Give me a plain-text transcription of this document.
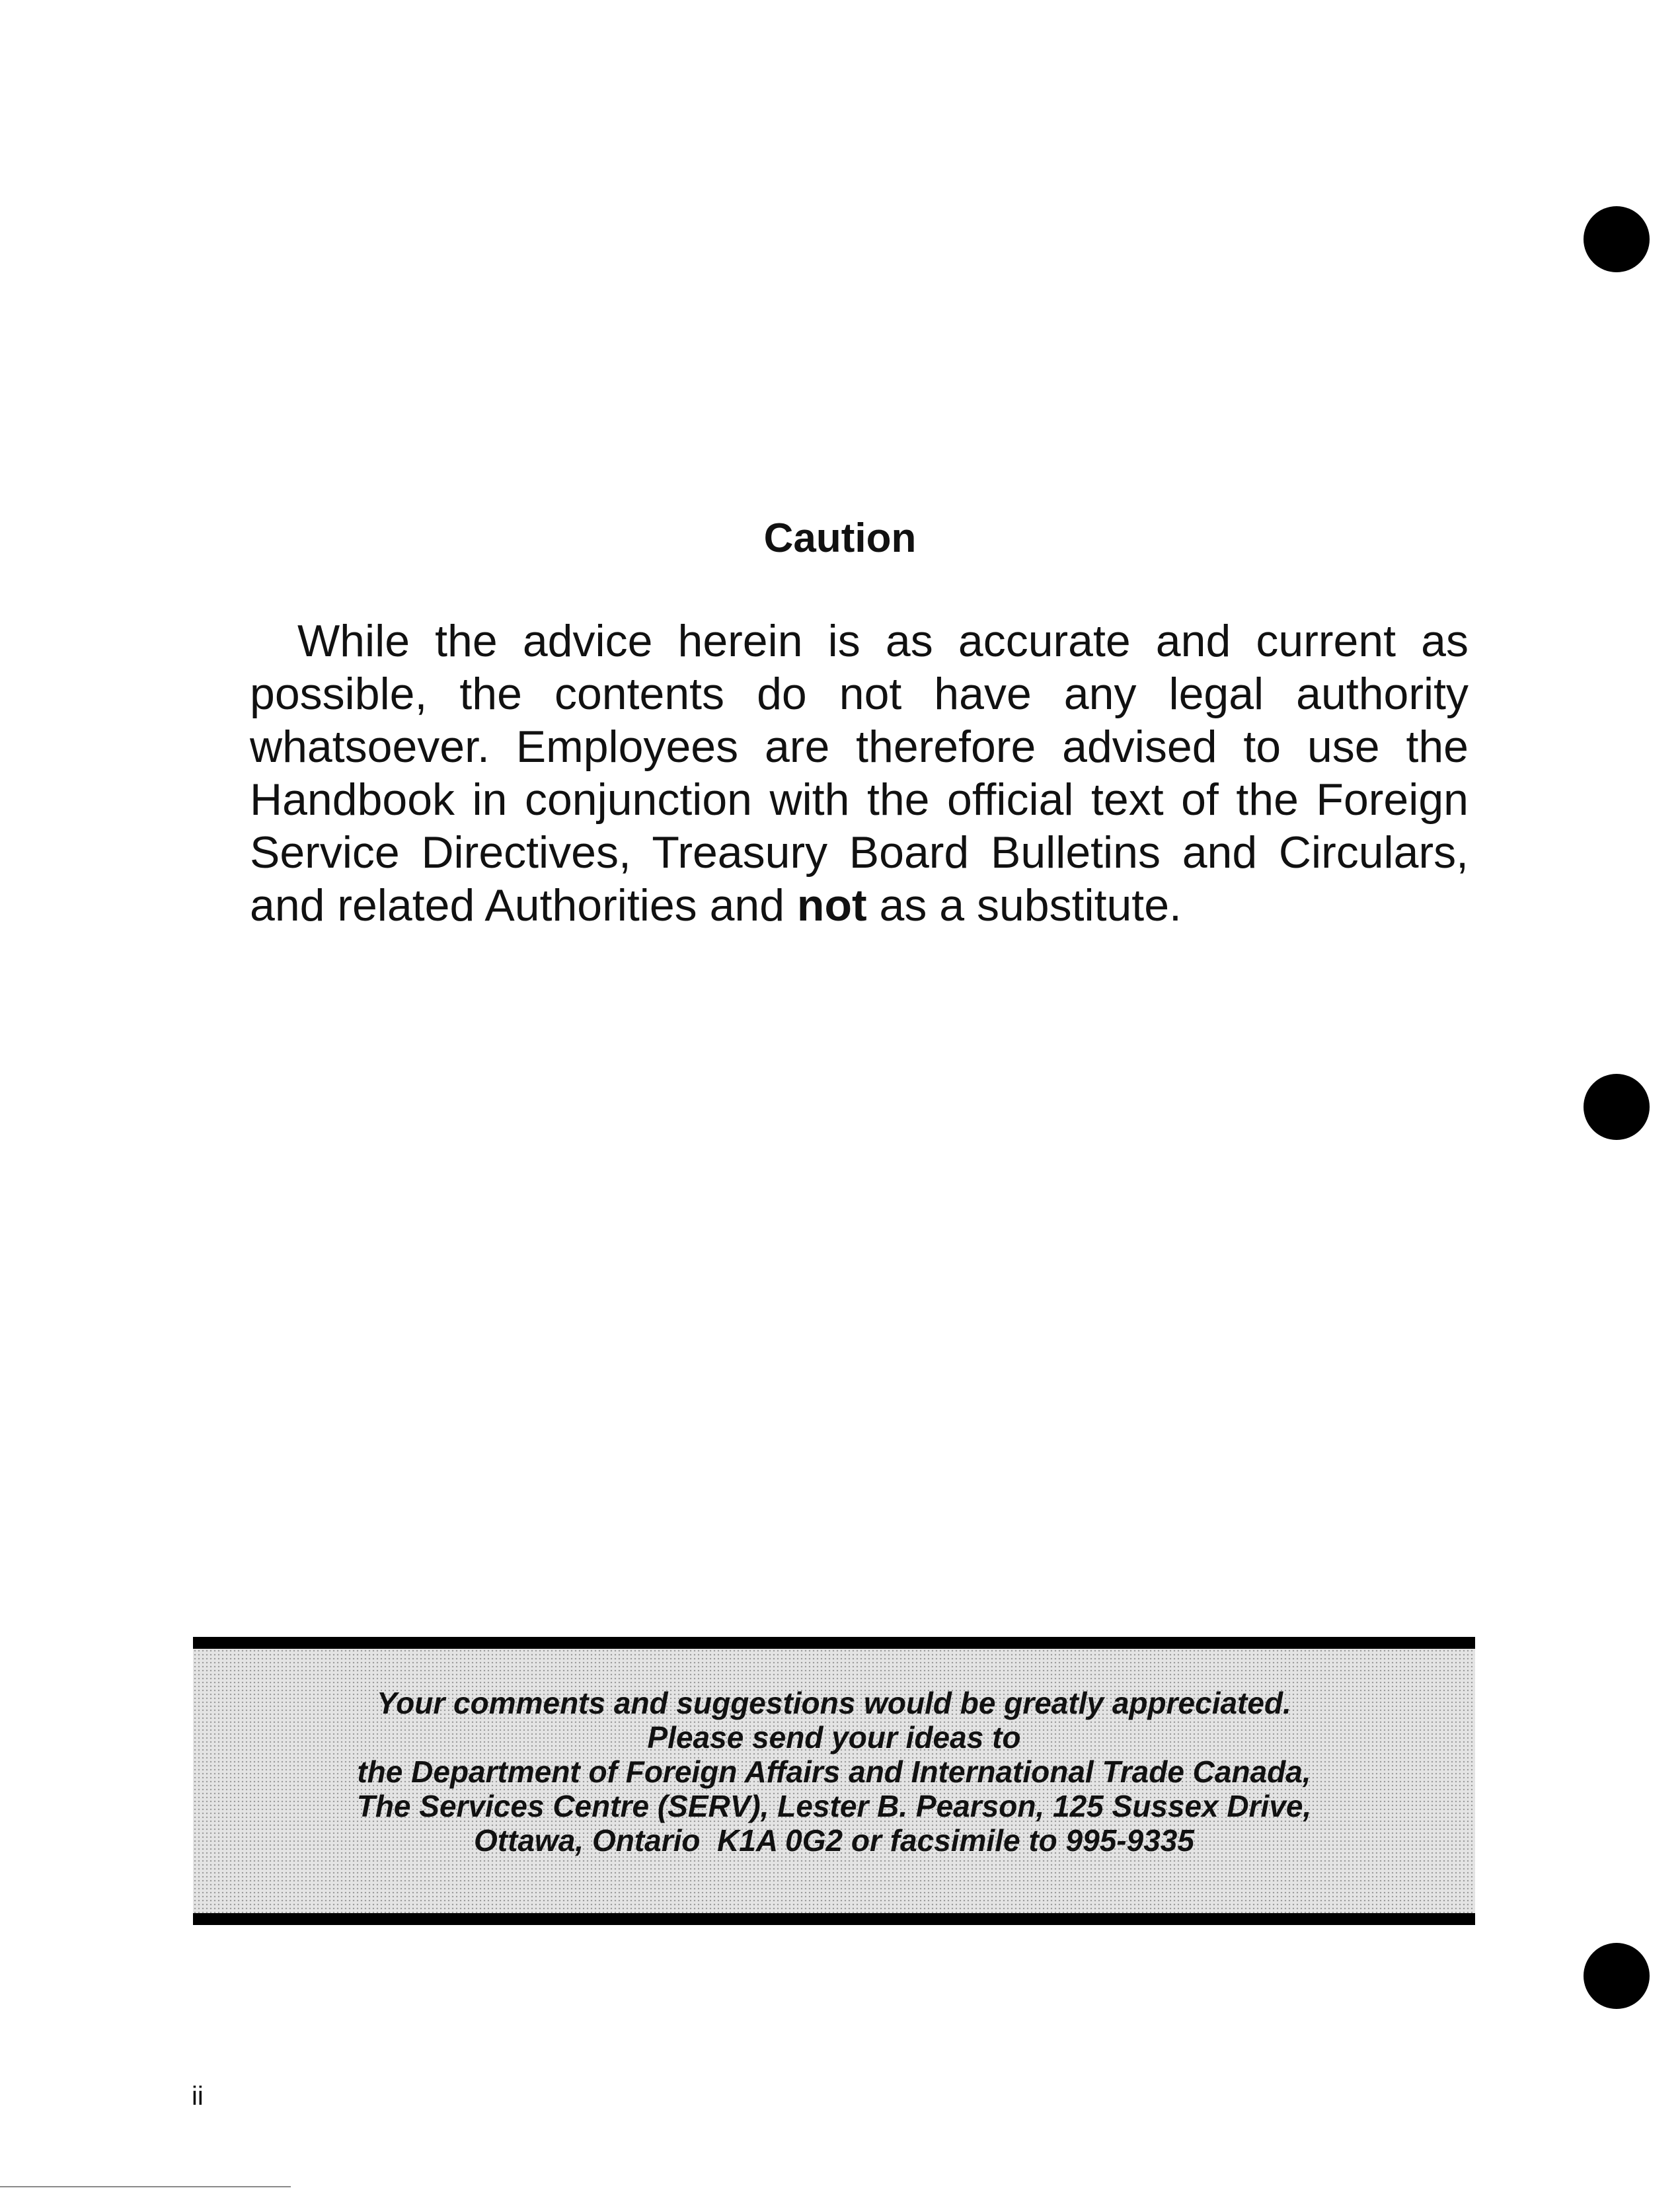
Caution

While the advice herein is as accurate and current as possible, the contents do not have any legal authority whatsoever. Employees are therefore advised to use the Handbook in conjunction with the official text of the Foreign Service Directives, Treasury Board Bulletins and Circulars, and related Authorities and not as a substitute.

Your comments and suggestions would be greatly appreciated.
Please send your ideas to
the Department of Foreign Affairs and International Trade Canada,
The Services Centre (SERV), Lester B. Pearson, 125 Sussex Drive,
Ottawa, Ontario  K1A 0G2 or facsimile to 995-9335
ii
